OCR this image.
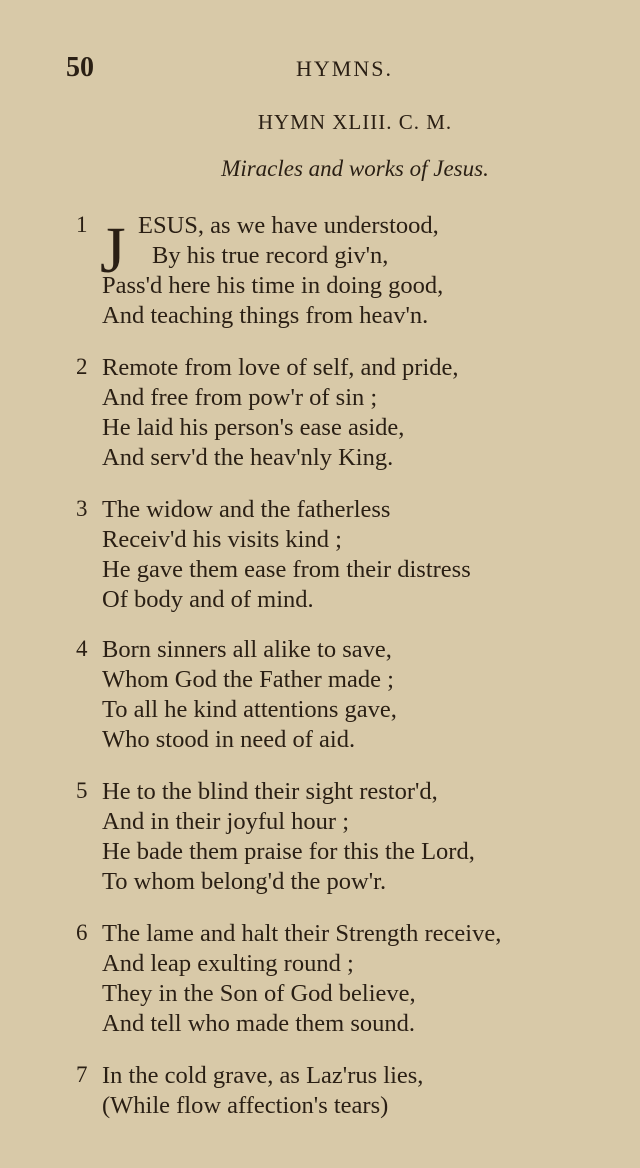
50	HYMNS.
HYMN XLIII. C. M.
Miracles and works of Jesus.
1 J ESUS, as we have understood,
By his true record giv'n,
Pass'd here his time in doing good,
And teaching things from heav'n.
2 Remote from love of self, and pride,
And free from pow'r of sin ;
He laid his person's ease aside,
And serv'd the heav'nly King.
3 The widow and the fatherless
Receiv'd his visits kind ;
He gave them ease from their distress
Of body and of mind.
4 Born sinners all alike to save,
Whom God the Father made ;
To all he kind attentions gave,
Who stood in need of aid.
5 He to the blind their sight restor'd,
And in their joyful hour ;
He bade them praise for this the Lord,
To whom belong'd the pow'r.
6 The lame and halt their Strength receive,
And leap exulting round ;
They in the Son of God believe,
And tell who made them sound.
7 In the cold grave, as Laz'rus lies,
(While flow affection's tears)
